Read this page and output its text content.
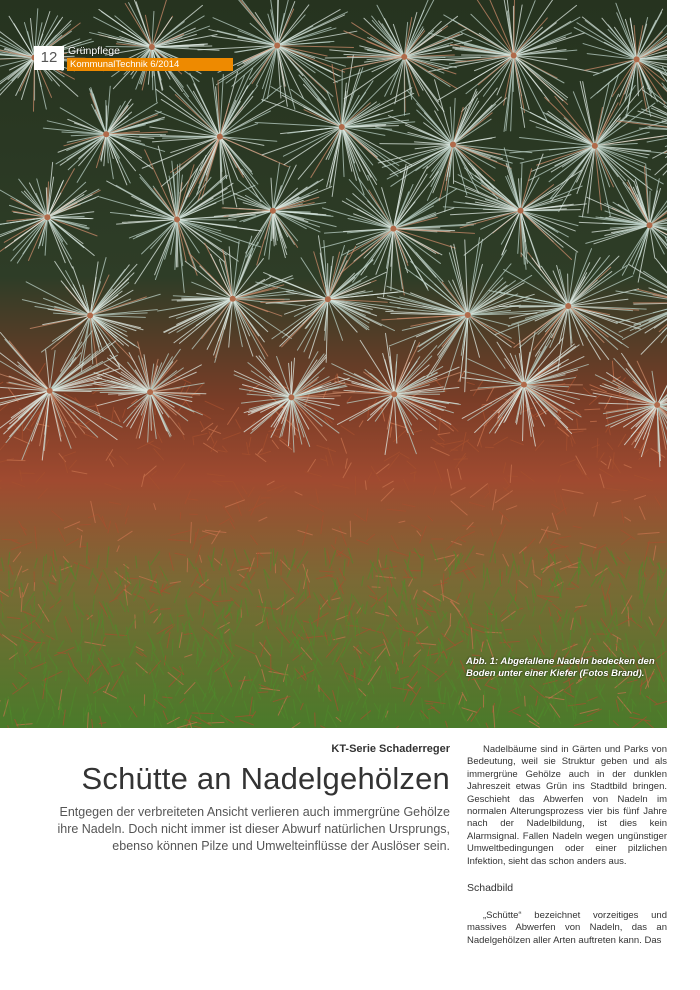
Abb. 1: Abgefallene Nadeln bedecken den Boden unter einer Kiefer (Fotos Brand).
12	Grünpflege
KommunalTechnik 6/2014
KT-Serie Schaderreger
Schütte an Nadelgehölzen
Entgegen der verbreiteten Ansicht verlieren auch immergrüne Gehölze ihre Nadeln. Doch nicht immer ist dieser Abwurf natürlichen Ursprungs, ebenso können Pilze und Umwelteinflüsse der Auslöser sein.
Nadelbäume sind in Gärten und Parks von Bedeutung, weil sie Struktur geben und als immergrüne Gehölze auch in der dunklen Jahreszeit etwas Grün ins Stadtbild bringen. Geschieht das Abwerfen von Nadeln im normalen Alterungsprozess vier bis fünf Jahre nach der Nadelbildung, ist dies kein Alarmsignal. Fallen Nadeln wegen ungünstiger Umweltbedingungen oder einer pilzlichen Infektion, sieht das schon anders aus.
Schadbild
„Schütte“ bezeichnet vorzeitiges und massives Abwerfen von Nadeln, das an Nadelgehölzen aller Arten auftreten kann. Das
